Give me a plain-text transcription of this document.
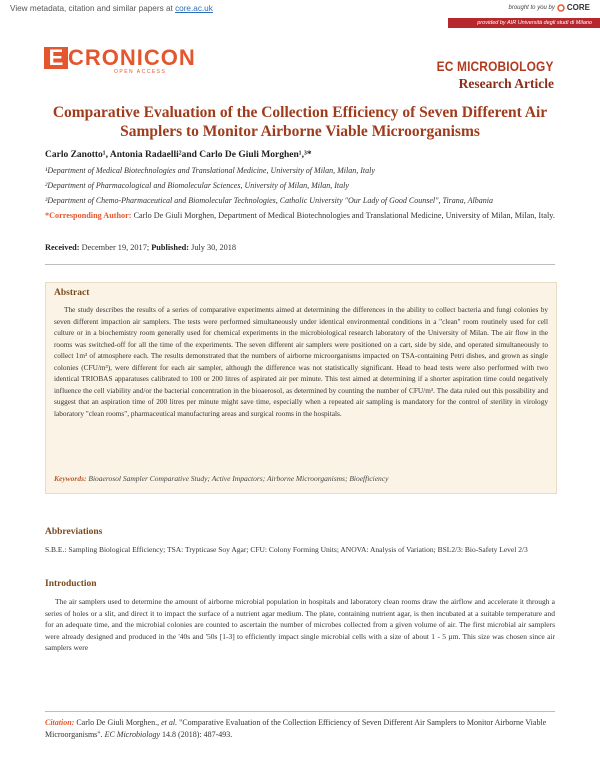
View metadata, citation and similar papers at core.ac.uk	brought to you by CORE
provided by AIR Università degli studi di Milano
E CRONICON
OPEN ACCESS	EC MICROBIOLOGY
Research Article
Comparative Evaluation of the Collection Efficiency of Seven Different Air Samplers to Monitor Airborne Viable Microorganisms
Carlo Zanotto¹, Antonia Radaelli²and Carlo De Giuli Morghen¹,³*
¹Department of Medical Biotechnologies and Translational Medicine, University of Milan, Milan, Italy
²Department of Pharmacological and Biomolecular Sciences, University of Milan, Milan, Italy
³Department of Chemo-Pharmaceutical and Biomolecular Technologies, Catholic University "Our Lady of Good Counsel", Tirana, Albania
*Corresponding Author: Carlo De Giuli Morghen, Department of Medical Biotechnologies and Translational Medicine, University of Milan, Milan, Italy.
Received: December 19, 2017; Published: July 30, 2018
Abstract
The study describes the results of a series of comparative experiments aimed at determining the differences in the ability to collect bacteria and fungi colonies by seven different impaction air samplers. The tests were performed simultaneously under identical environmental conditions in a "clean" room routinely used for cell culture or in a biochemistry room generally used for chemical experiments in the microbiological research laboratory of the University of Milan. The air flow in the rooms was switched-off for all the time of the experiments. The seven different air samplers were positioned on a cart, side by side, and operated simultaneously to collect 1m³ of atmosphere each. The results demonstrated that the numbers of airborne microorganisms impacted on TSA-containing Petri dishes, and grown as single colonies (CFU/m³), were different for each air sampler, although the difference was not statistically significant. Head to head tests were also performed with two identical TRIOBAS apparatuses calibrated to 100 or 200 litres of aspirated air per minute. This test aimed at determining if a shorter aspiration time could negatively influence the cell viability and/or the bacterial concentration in the bioaerosol, as determined by counting the number of CFU/m³. The data ruled out this possibility and suggest that an aspiration time of 200 litres per minute might save time, especially when a repeated air sampling is mandatory for the control of sterility in virology laboratory "clean rooms", pharmaceutical manufacturing areas and surgical rooms in the hospitals.
Keywords: Bioaerosol Sampler Comparative Study; Active Impactors; Airborne Microorganisms; Bioefficiency
Abbreviations
S.B.E.: Sampling Biological Efficiency; TSA: Trypticase Soy Agar; CFU: Colony Forming Units; ANOVA: Analysis of Variation; BSL2/3: Bio-Safety Level 2/3
Introduction
The air samplers used to determine the amount of airborne microbial population in hospitals and laboratory clean rooms draw the airflow and accelerate it through a series of holes or a slit, and direct it to impact the surface of a nutrient agar medium. The plate, containing nutrient agar, is then incubated at a suitable temperature and for an adequate time, and the microbial colonies are counted to ascertain the number of microbes collected from a given volume of air. The first microbial air samplers were already designed and produced in the '40s and '50s [1-3] to efficiently impact single microbial cells with a size of about 1 - 5 µm. This size was chosen since air samplers were
Citation: Carlo De Giuli Morghen., et al. "Comparative Evaluation of the Collection Efficiency of Seven Different Air Samplers to Monitor Airborne Viable Microorganisms". EC Microbiology 14.8 (2018): 487-493.
